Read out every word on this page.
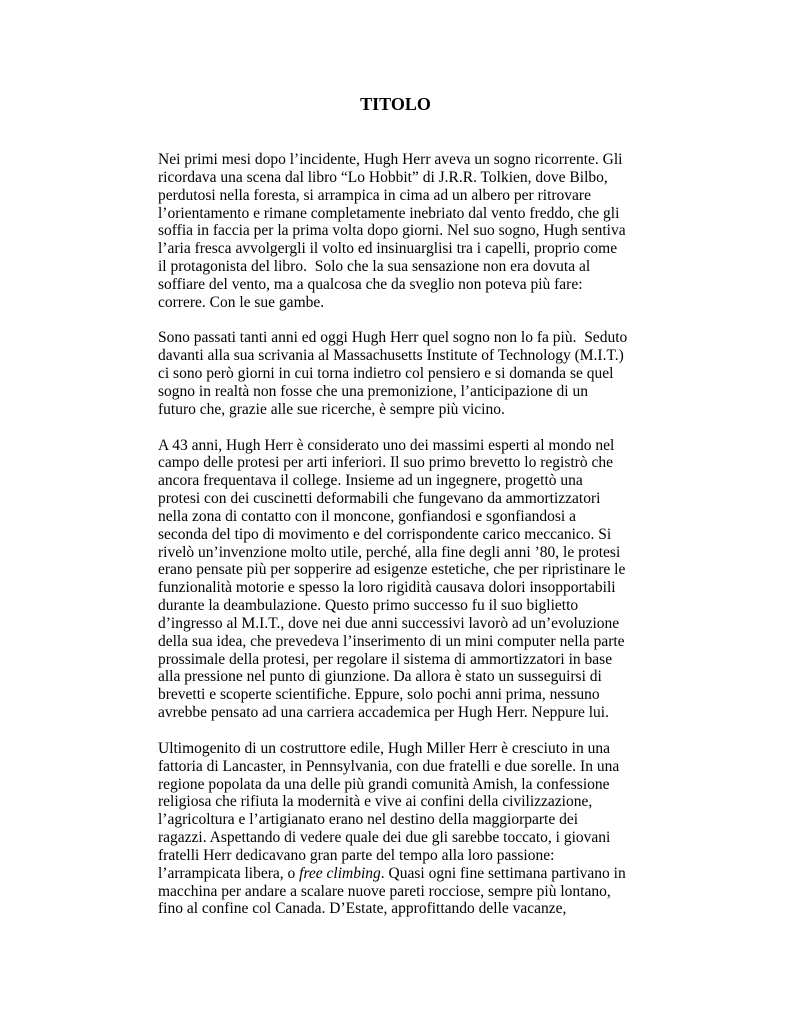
TITOLO
Nei primi mesi dopo l’incidente, Hugh Herr aveva un sogno ricorrente. Gli
ricordava una scena dal libro “Lo Hobbit” di J.R.R. Tolkien, dove Bilbo,
perdutosi nella foresta, si arrampica in cima ad un albero per ritrovare
l’orientamento e rimane completamente inebriato dal vento freddo, che gli
soffia in faccia per la prima volta dopo giorni. Nel suo sogno, Hugh sentiva
l’aria fresca avvolgergli il volto ed insinuarglisi tra i capelli, proprio come
il protagonista del libro.  Solo che la sua sensazione non era dovuta al
soffiare del vento, ma a qualcosa che da sveglio non poteva più fare:
correre. Con le sue gambe.
Sono passati tanti anni ed oggi Hugh Herr quel sogno non lo fa più.  Seduto
davanti alla sua scrivania al Massachusetts Institute of Technology (M.I.T.)
ci sono però giorni in cui torna indietro col pensiero e si domanda se quel
sogno in realtà non fosse che una premonizione, l’anticipazione di un
futuro che, grazie alle sue ricerche, è sempre più vicino.
A 43 anni, Hugh Herr è considerato uno dei massimi esperti al mondo nel
campo delle protesi per arti inferiori. Il suo primo brevetto lo registrò che
ancora frequentava il college. Insieme ad un ingegnere, progettò una
protesi con dei cuscinetti deformabili che fungevano da ammortizzatori
nella zona di contatto con il moncone, gonfiandosi e sgonfiandosi a
seconda del tipo di movimento e del corrispondente carico meccanico. Si
rivelò un’invenzione molto utile, perché, alla fine degli anni ’80, le protesi
erano pensate più per sopperire ad esigenze estetiche, che per ripristinare le
funzionalità motorie e spesso la loro rigidità causava dolori insopportabili
durante la deambulazione. Questo primo successo fu il suo biglietto
d’ingresso al M.I.T., dove nei due anni successivi lavorò ad un’evoluzione
della sua idea, che prevedeva l’inserimento di un mini computer nella parte
prossimale della protesi, per regolare il sistema di ammortizzatori in base
alla pressione nel punto di giunzione. Da allora è stato un susseguirsi di
brevetti e scoperte scientifiche. Eppure, solo pochi anni prima, nessuno
avrebbe pensato ad una carriera accademica per Hugh Herr. Neppure lui.
Ultimogenito di un costruttore edile, Hugh Miller Herr è cresciuto in una
fattoria di Lancaster, in Pennsylvania, con due fratelli e due sorelle. In una
regione popolata da una delle più grandi comunità Amish, la confessione
religiosa che rifiuta la modernità e vive ai confini della civilizzazione,
l’agricoltura e l’artigianato erano nel destino della maggiorparte dei
ragazzi. Aspettando di vedere quale dei due gli sarebbe toccato, i giovani
fratelli Herr dedicavano gran parte del tempo alla loro passione:
l’arrampicata libera, o free climbing. Quasi ogni fine settimana partivano in
macchina per andare a scalare nuove pareti rocciose, sempre più lontano,
fino al confine col Canada. D’Estate, approfittando delle vacanze,
